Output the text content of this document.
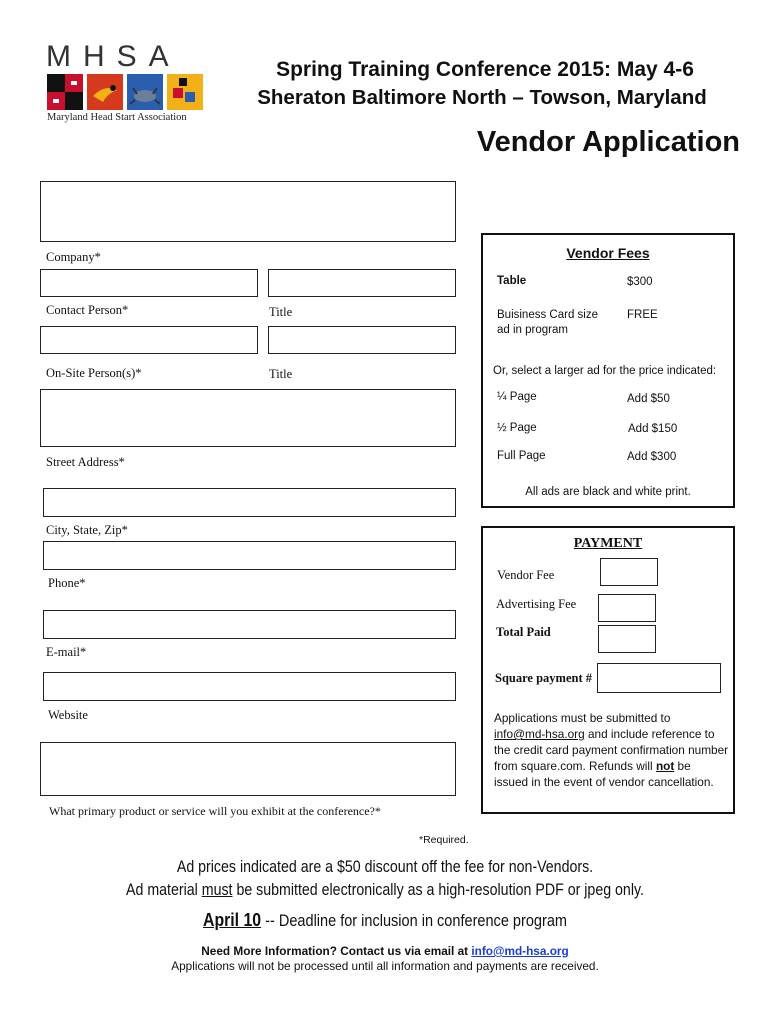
MHSA
Maryland Head Start Association
Spring Training Conference 2015: May 4-6
Sheraton Baltimore North – Towson, Maryland
Vendor Application
Company*
Contact Person*	Title
On-Site Person(s)*	Title
Street Address*
City, State, Zip*
Phone*
E-mail*
Website
What primary product or service will you exhibit at the conference?*
*Required.
Vendor Fees
Table	$300
Buisiness Card size
ad in program
FREE
Or, select a larger ad for the price indicated:
¼ Page	Add $50
½ Page	Add $150
Full Page	Add $300
All ads are black and white print.
PAYMENT
Vendor Fee
Advertising Fee
Total Paid
Square payment #
Applications must be submitted to
info@md-hsa.org and include reference to
the credit card payment confirmation number
from square.com. Refunds will not be
issued in the event of vendor cancellation.
Ad prices indicated are a $50 discount off the fee for non-Vendors.
Ad material must be submitted electronically as a high-resolution PDF or jpeg only.
April 10 -- Deadline for inclusion in conference program
Need More Information? Contact us via email at info@md-hsa.org
Applications will not be processed until all information and payments are received.
